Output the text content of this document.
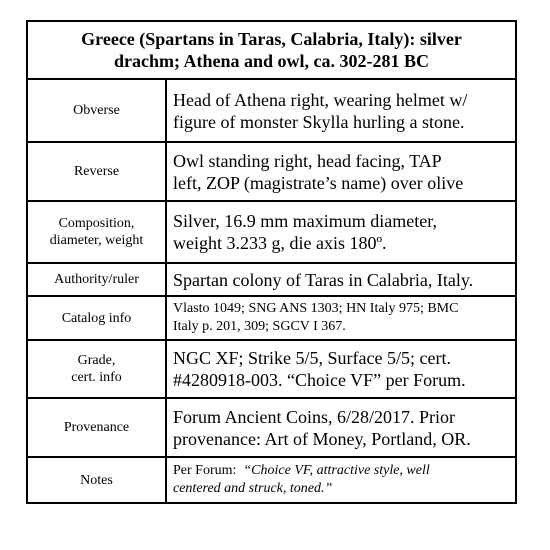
Greece (Spartans in Taras, Calabria, Italy): silver
drachm; Athena and owl, ca. 302-281 BC
Obverse
Head of Athena right, wearing helmet w/
figure of monster Skylla hurling a stone.
Reverse
Owl standing right, head facing, TAP
left, ZOP (magistrate’s name) over olive
Composition,
diameter, weight
Silver, 16.9 mm maximum diameter,
weight 3.233 g, die axis 180º.
Authority/ruler	Spartan colony of Taras in Calabria, Italy.
Catalog info
Vlasto 1049; SNG ANS 1303; HN Italy 975; BMC
Italy p. 201, 309; SGCV I 367.
Grade,
cert. info
NGC XF; Strike 5/5, Surface 5/5; cert.
#4280918-003. “Choice VF” per Forum.
Provenance
Forum Ancient Coins, 6/28/2017. Prior
provenance: Art of Money, Portland, OR.
Notes
Per Forum:  “Choice VF, attractive style, well
centered and struck, toned.”
